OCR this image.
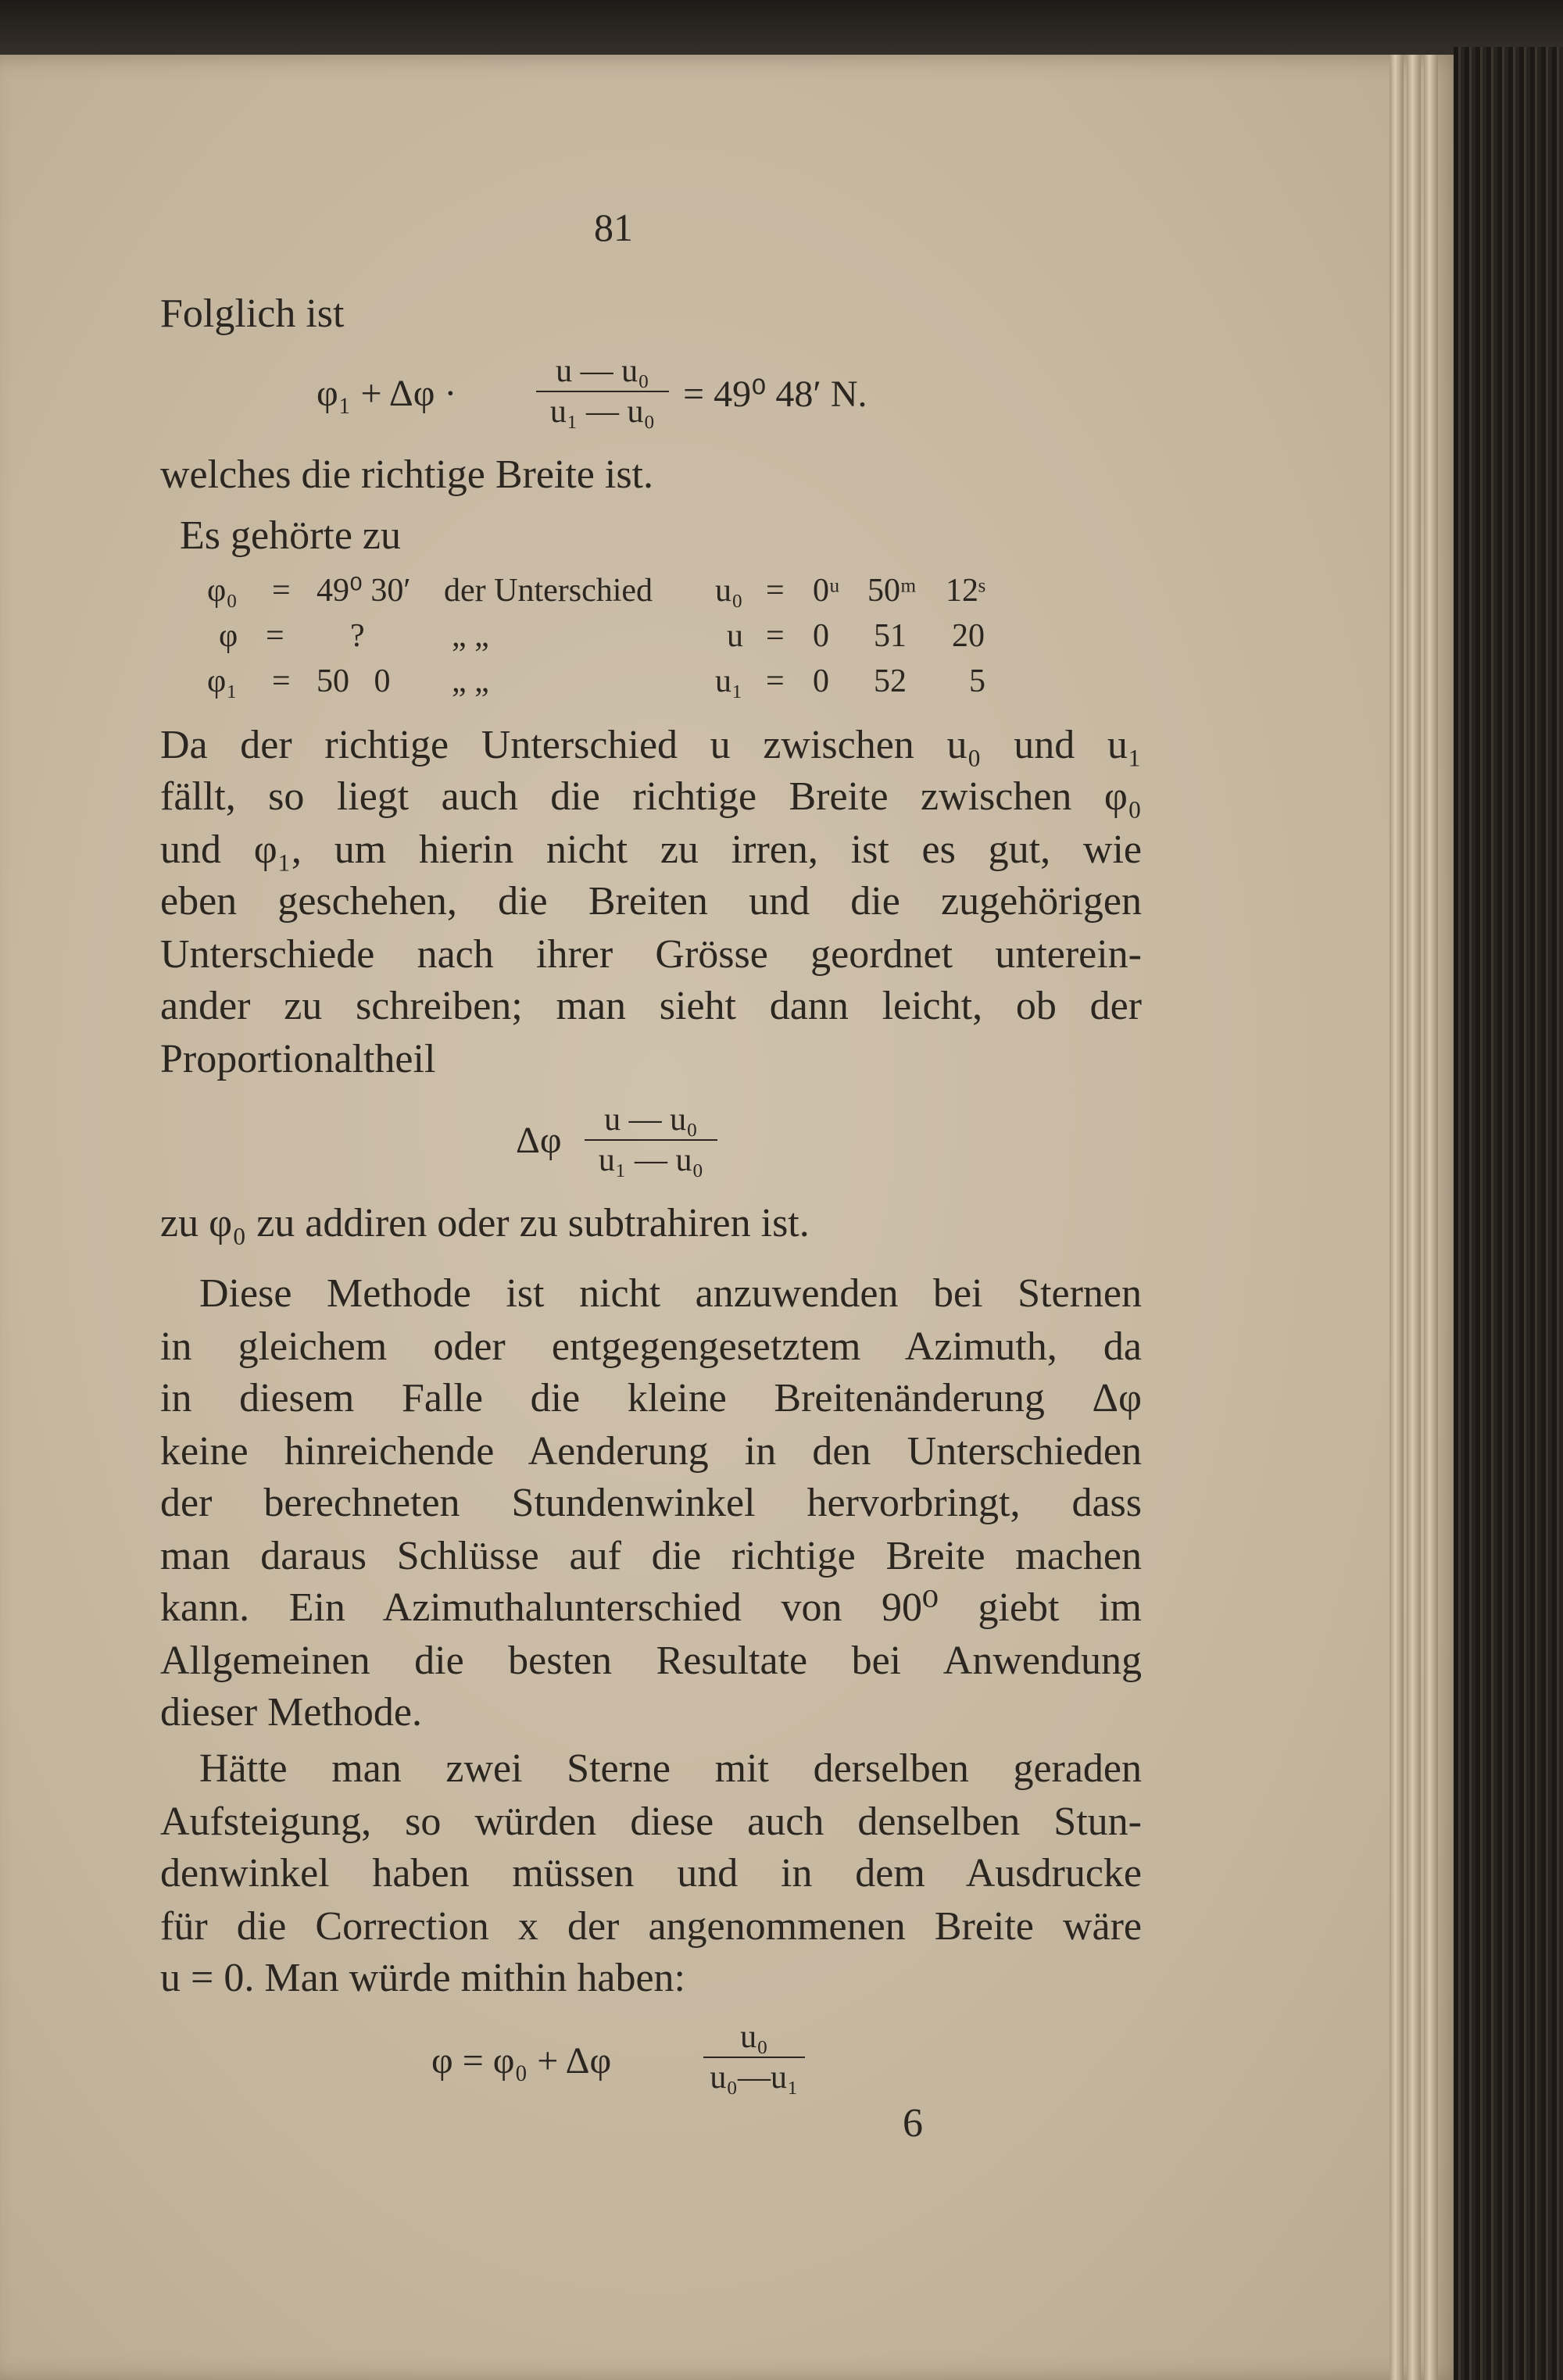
81
Folglich ist
φ₁ + Δφ ·
u — u₀
u₁ — u₀ = 49⁰ 48′ N.
welches die richtige Breite ist.
Es gehörte zu
φ₀ = 49⁰ 30′ der Unterschied u₀ = 0ᵘ 50ᵐ 12ˢ
φ = ?	„ „	u = 0 51 20
φ₁ = 50   0 „ „	u₁ = 0 52 5
Da der richtige Unterschied u zwischen u₀ und u₁
fällt, so liegt auch die richtige Breite zwischen φ₀
und φ₁, um hierin nicht zu irren, ist es gut, wie
eben geschehen, die Breiten und die zugehörigen
Unterschiede nach ihrer Grösse geordnet unterein-
ander zu schreiben; man sieht dann leicht, ob der
Proportionaltheil
Δφ	u — u₀
u₁ — u₀
zu φ₀ zu addiren oder zu subtrahiren ist.
Diese Methode ist nicht anzuwenden bei Sternen
in gleichem oder entgegengesetztem Azimuth, da
in diesem Falle die kleine Breitenänderung Δφ
keine hinreichende Aenderung in den Unterschieden
der berechneten Stundenwinkel hervorbringt, dass
man daraus Schlüsse auf die richtige Breite machen
kann. Ein Azimuthalunterschied von 90⁰ giebt im
Allgemeinen die besten Resultate bei Anwendung
dieser Methode.
Hätte man zwei Sterne mit derselben geraden
Aufsteigung, so würden diese auch denselben Stun-
denwinkel haben müssen und in dem Ausdrucke
für die Correction x der angenommenen Breite wäre
u = 0. Man würde mithin haben:
φ = φ₀ + Δφ
u₀
u₀—u₁
6
